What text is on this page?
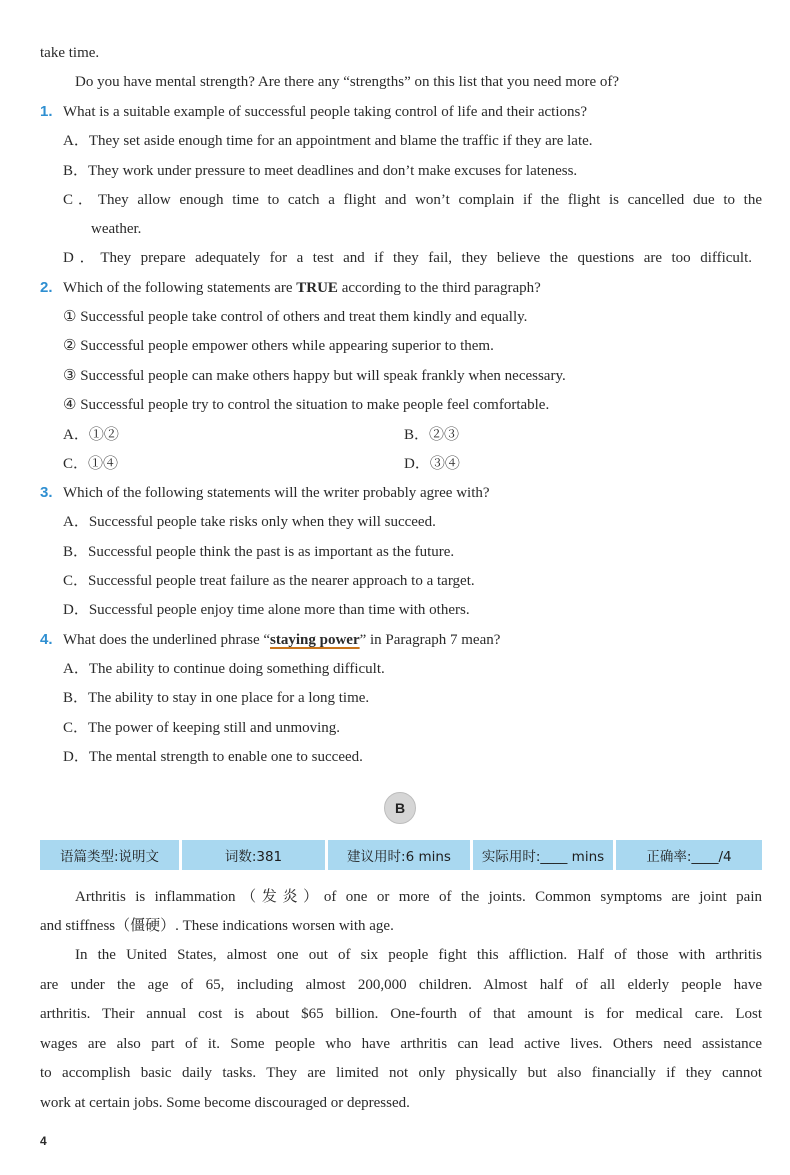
take time.
Do you have mental strength? Are there any “strengths” on this list that you need more of?
1. What is a suitable example of successful people taking control of life and their actions?
A．They set aside enough time for an appointment and blame the traffic if they are late.
B．They work under pressure to meet deadlines and don’t make excuses for lateness.
C．They allow enough time to catch a flight and won’t complain if the flight is cancelled due to the
weather.
D．They prepare adequately for a test and if they fail, they believe the questions are too difficult.
2. Which of the following statements are TRUE according to the third paragraph?
① Successful people take control of others and treat them kindly and equally.
② Successful people empower others while appearing superior to them.
③ Successful people can make others happy but will speak frankly when necessary.
④ Successful people try to control the situation to make people feel comfortable.
A．①②	B．②③
C．①④	D．③④
3. Which of the following statements will the writer probably agree with?
A．Successful people take risks only when they will succeed.
B．Successful people think the past is as important as the future.
C．Successful people treat failure as the nearer approach to a target.
D．Successful people enjoy time alone more than time with others.
4. What does the underlined phrase “staying power” in Paragraph 7 mean?
A．The ability to continue doing something difficult.
B．The ability to stay in one place for a long time.
C．The power of keeping still and unmoving.
D．The mental strength to enable one to succeed.
B
语篇类型:说明文	词数:381	建议用时:6 mins	实际用时:____ mins	正确率:____/4
Arthritis is inflammation（发炎）of one or more of the joints. Common symptoms are joint pain
and stiffness（僵硬）. These indications worsen with age.
In the United States, almost one out of six people fight this affliction. Half of those with arthritis
are under the age of 65, including almost 200,000 children. Almost half of all elderly people have
arthritis. Their annual cost is about $65 billion. One-fourth of that amount is for medical care. Lost
wages are also part of it. Some people who have arthritis can lead active lives. Others need assistance
to accomplish basic daily tasks. They are limited not only physically but also financially if they cannot
work at certain jobs. Some become discouraged or depressed.
4
